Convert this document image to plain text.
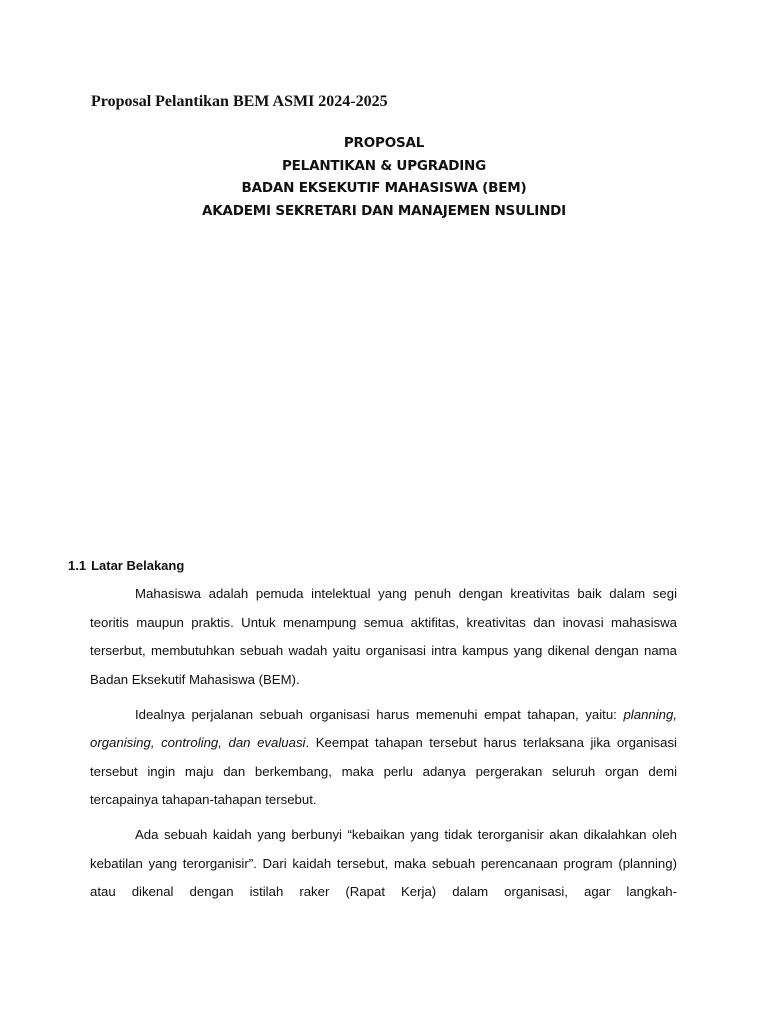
Proposal Pelantikan BEM ASMI 2024-2025
PROPOSAL
PELANTIKAN & UPGRADING
BADAN EKSEKUTIF MAHASISWA (BEM)
AKADEMI SEKRETARI DAN MANAJEMEN NSULINDI
1.1 Latar Belakang

Mahasiswa adalah pemuda intelektual yang penuh dengan kreativitas baik dalam segi teoritis maupun praktis. Untuk menampung semua aktifitas, kreativitas dan inovasi mahasiswa terserbut, membutuhkan sebuah wadah yaitu organisasi intra kampus yang dikenal dengan nama Badan Eksekutif Mahasiswa (BEM).

Idealnya perjalanan sebuah organisasi harus memenuhi empat tahapan, yaitu: planning, organising, controling, dan evaluasi. Keempat tahapan tersebut harus terlaksana jika organisasi tersebut ingin maju dan berkembang, maka perlu adanya pergerakan seluruh organ demi tercapainya tahapan-tahapan tersebut.

Ada sebuah kaidah yang berbunyi “kebaikan yang tidak terorganisir akan dikalahkan oleh kebatilan yang terorganisir”. Dari kaidah tersebut, maka sebuah perencanaan program (planning) atau dikenal dengan istilah raker (Rapat Kerja) dalam organisasi, agar langkah-
